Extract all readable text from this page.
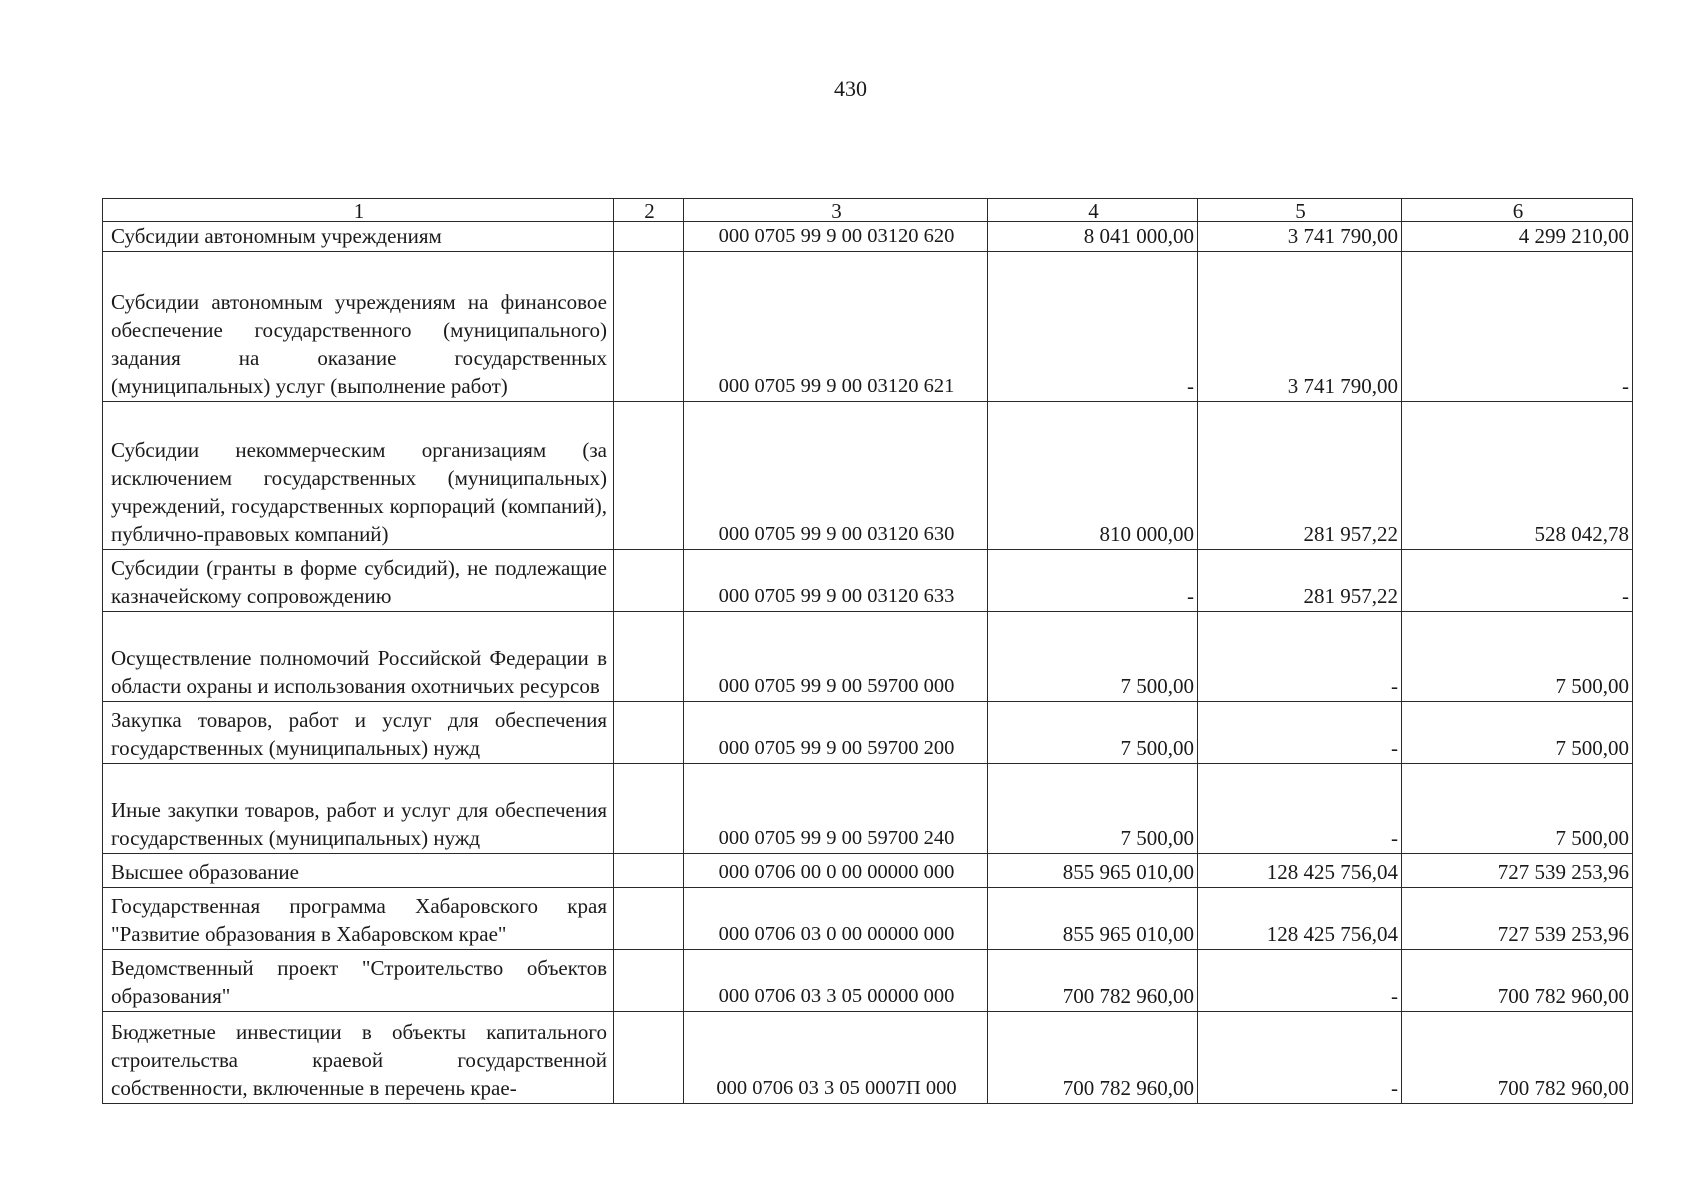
430
1	2	3	4	5	6
Субсидии автономным учреждениям		000 0705 99 9 00 03120 620	8 041 000,00	3 741 790,00	4 299 210,00
Субсидии автономным учреждениям на финансовое обеспечение государственного (муниципального) задания на оказание государственных (муниципальных) услуг (выполнение работ)		000 0705 99 9 00 03120 621	-	3 741 790,00	-
Субсидии некоммерческим организациям (за исключением государственных (муниципальных) учреждений, государственных корпораций (компаний), публично-правовых компаний)		000 0705 99 9 00 03120 630	810 000,00	281 957,22	528 042,78
Субсидии (гранты в форме субсидий), не подлежащие казначейскому сопровождению		000 0705 99 9 00 03120 633	-	281 957,22	-
Осуществление полномочий Российской Федерации в области охраны и использования охотничьих ресурсов		000 0705 99 9 00 59700 000	7 500,00	-	7 500,00
Закупка товаров, работ и услуг для обеспечения государственных (муниципальных) нужд		000 0705 99 9 00 59700 200	7 500,00	-	7 500,00
Иные закупки товаров, работ и услуг для обеспечения государственных (муниципальных) нужд		000 0705 99 9 00 59700 240	7 500,00	-	7 500,00
Высшее образование		000 0706 00 0 00 00000 000	855 965 010,00	128 425 756,04	727 539 253,96
Государственная программа Хабаровского края "Развитие образования в Хабаровском крае"		000 0706 03 0 00 00000 000	855 965 010,00	128 425 756,04	727 539 253,96
Ведомственный проект "Строительство объектов образования"		000 0706 03 3 05 00000 000	700 782 960,00	-	700 782 960,00
Бюджетные инвестиции в объекты капитального строительства краевой государственной собственности, включенные в перечень крае-		000 0706 03 3 05 0007П 000	700 782 960,00	-	700 782 960,00
